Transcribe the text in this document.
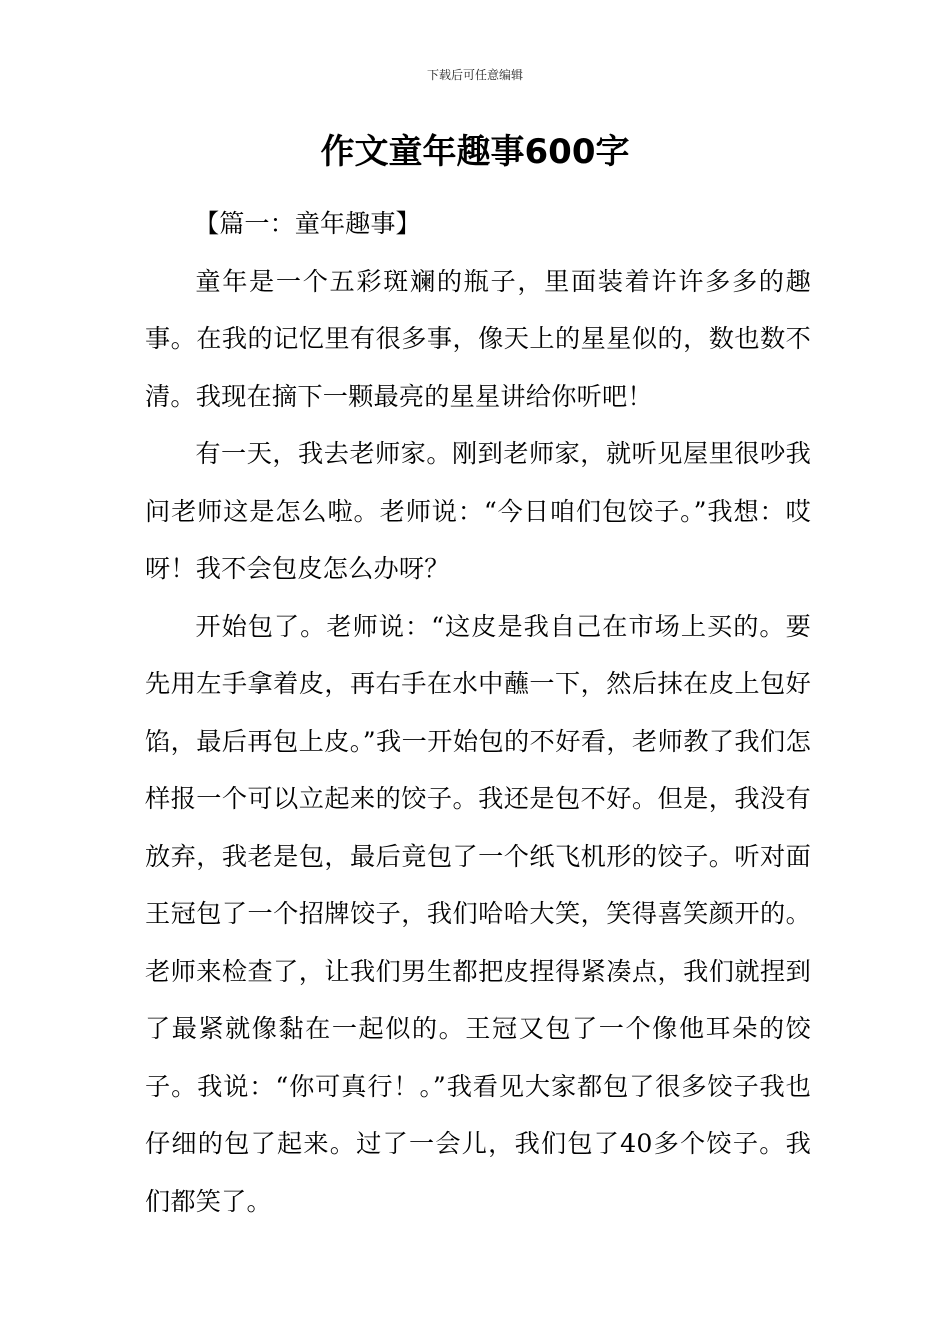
下载后可任意编辑
作文童年趣事600字
【篇一：童年趣事】

童年是一个五彩斑斓的瓶子，里面装着许许多多的趣事。在我的记忆里有很多事，像天上的星星似的，数也数不清。我现在摘下一颗最亮的星星讲给你听吧！

有一天，我去老师家。刚到老师家，就听见屋里很吵我问老师这是怎么啦。老师说：“今日咱们包饺子。”我想：哎呀！我不会包皮怎么办呀？

开始包了。老师说：“这皮是我自己在市场上买的。要先用左手拿着皮，再右手在水中蘸一下，然后抹在皮上包好馅，最后再包上皮。”我一开始包的不好看，老师教了我们怎样报一个可以立起来的饺子。我还是包不好。但是，我没有放弃，我老是包，最后竟包了一个纸飞机形的饺子。听对面王冠包了一个招牌饺子，我们哈哈大笑，笑得喜笑颜开的。老师来检查了，让我们男生都把皮捏得紧凑点，我们就捏到了最紧就像黏在一起似的。王冠又包了一个像他耳朵的饺子。我说：“你可真行！。”我看见大家都包了很多饺子我也仔细的包了起来。过了一会儿，我们包了40多个饺子。我们都笑了。
